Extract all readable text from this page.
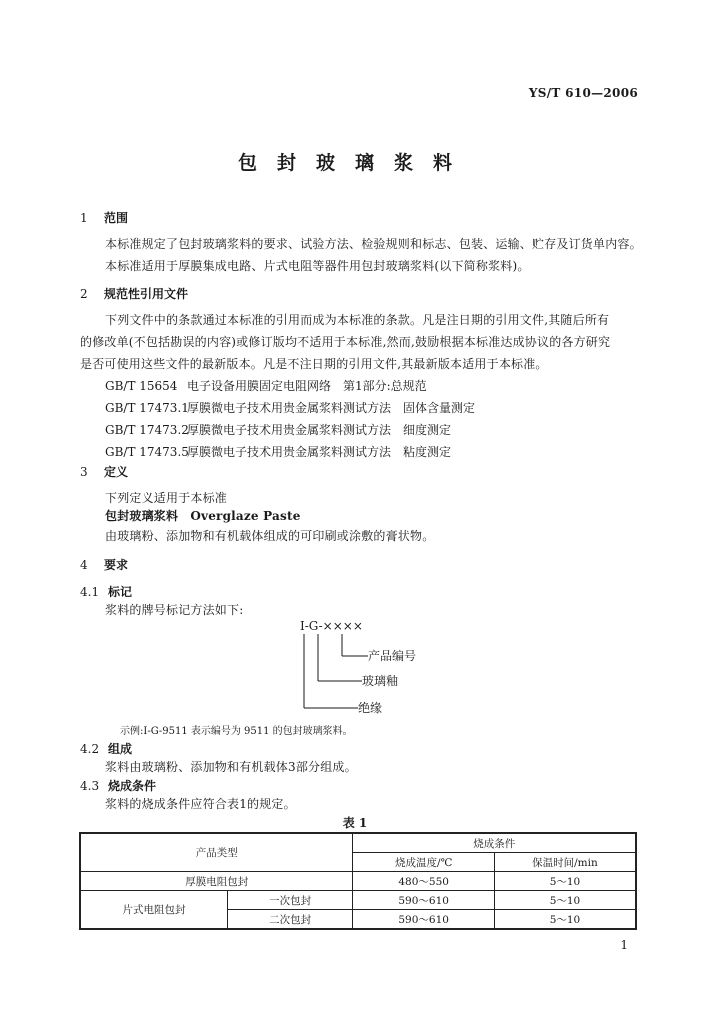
YS/T 610—2006
包封玻璃浆料
1 范围
本标准规定了包封玻璃浆料的要求、试验方法、检验规则和标志、包装、运输、贮存及订货单内容。
本标准适用于厚膜集成电路、片式电阻等器件用包封玻璃浆料(以下简称浆料)。
2 规范性引用文件
下列文件中的条款通过本标准的引用而成为本标准的条款。凡是注日期的引用文件,其随后所有
的修改单(不包括勘误的内容)或修订版均不适用于本标准,然而,鼓励根据本标准达成协议的各方研究
是否可使用这些文件的最新版本。凡是不注日期的引用文件,其最新版本适用于本标准。
GB/T 15654 电子设备用膜固定电阻网络　第1部分:总规范
GB/T 17473.1厚膜微电子技术用贵金属浆料测试方法　固体含量测定
GB/T 17473.2厚膜微电子技术用贵金属浆料测试方法　细度测定
GB/T 17473.5厚膜微电子技术用贵金属浆料测试方法　粘度测定
3 定义
下列定义适用于本标准
包封玻璃浆料　Overglaze Paste
由玻璃粉、添加物和有机载体组成的可印刷或涂敷的膏状物。
4 要求
4.1 标记
浆料的牌号标记方法如下:
I-G-××××
产品编号
玻璃釉
绝缘
示例:I-G-9511 表示编号为 9511 的包封玻璃浆料。
4.2 组成
浆料由玻璃粉、添加物和有机载体3部分组成。
4.3 烧成条件
浆料的烧成条件应符合表1的规定。
表 1
产品类型		烧成条件	
		烧成温度/℃	保温时间/min
厚膜电阻包封		480～550	5～10
片式电阻包封	一次包封	590～610	5～10
	二次包封	590～610	5～10
1
